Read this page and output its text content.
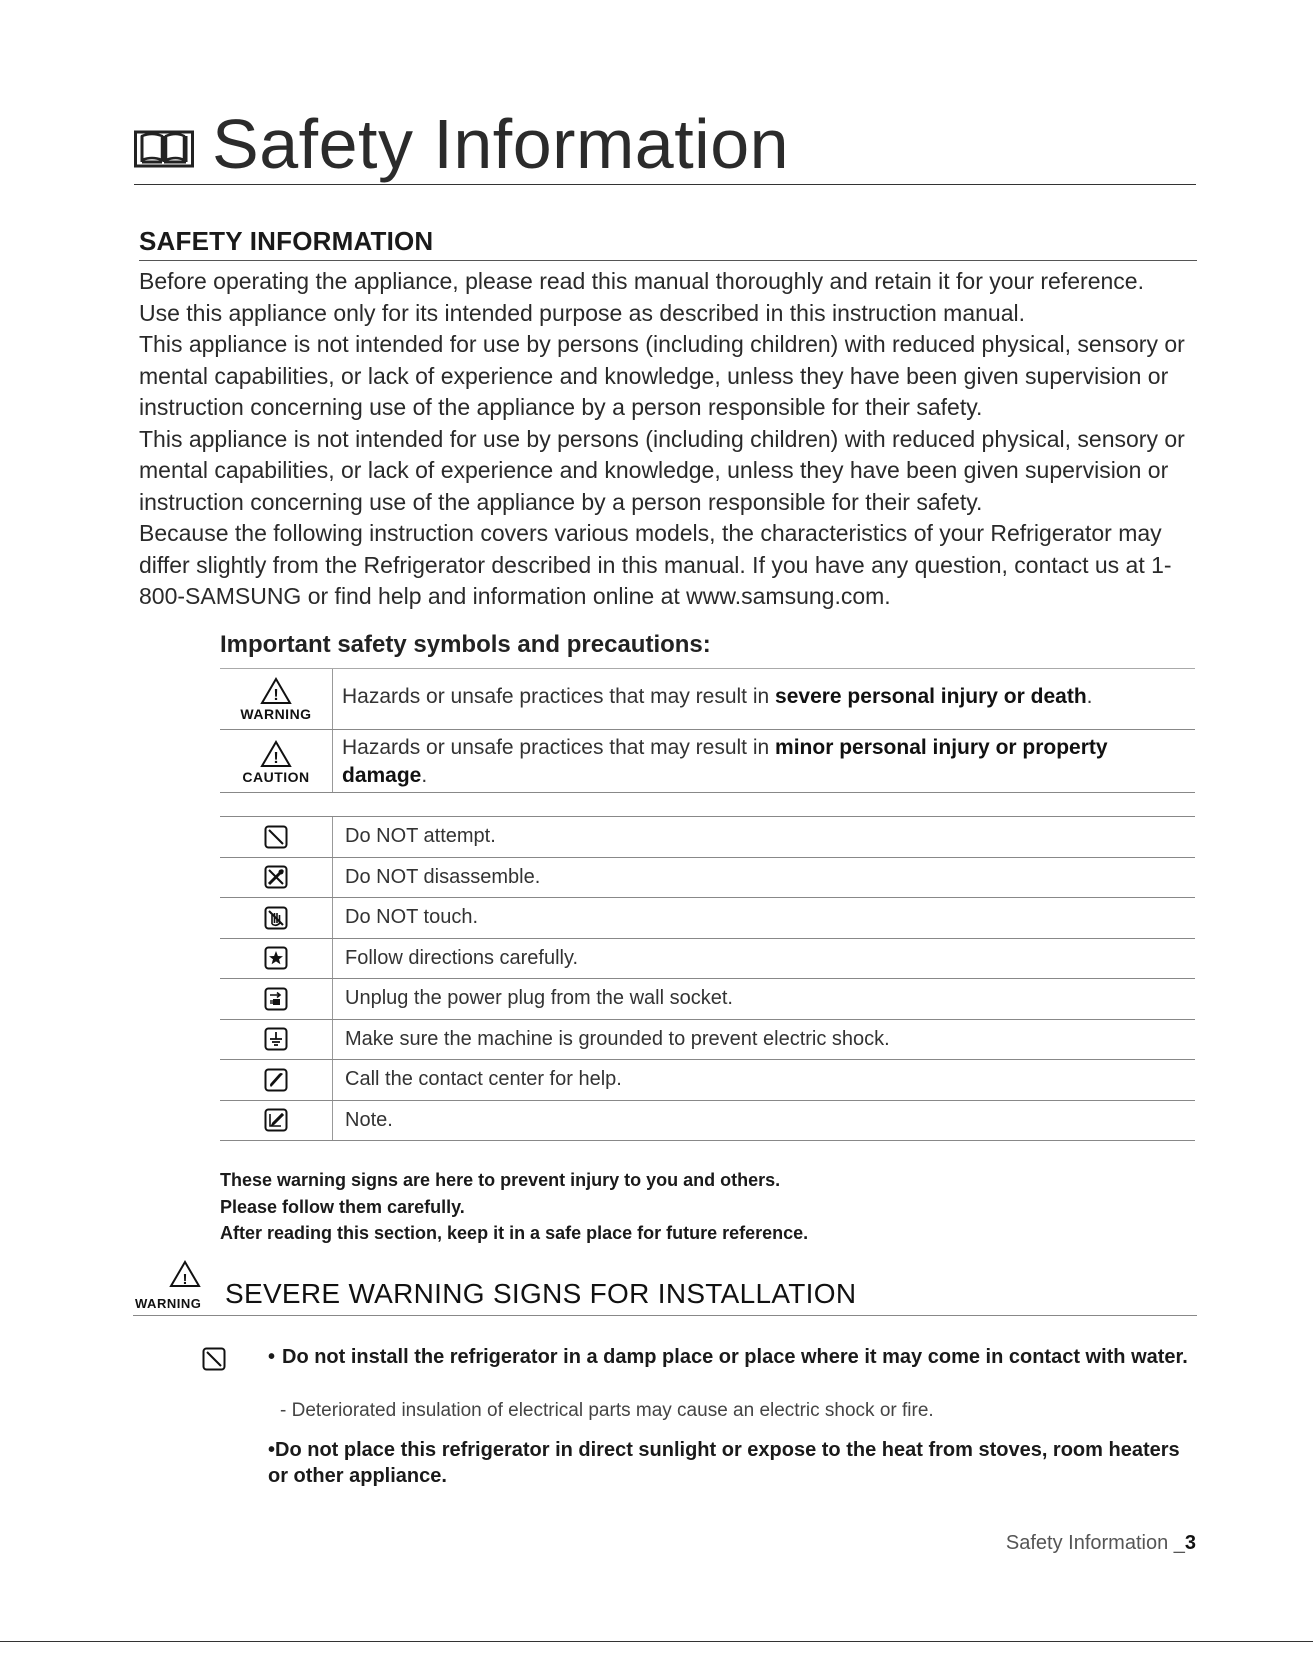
Safety Information
SAFETY INFORMATION

Before operating the appliance, please read this manual thoroughly and retain it for your reference.

Use this appliance only for its intended purpose as described in this instruction manual.

This appliance is not intended for use by persons (including children) with reduced physical, sensory or mental capabilities, or lack of experience and knowledge, unless they have been given supervision or instruction concerning use of the appliance by a person responsible for their safety.

This appliance is not intended for use by persons (including children) with reduced physical, sensory or mental capabilities, or lack of experience and knowledge, unless they have been given supervision or instruction concerning use of the appliance by a person responsible for their safety.

Because the following instruction covers various models, the characteristics of your Refrigerator may differ slightly from the Refrigerator described in this manual. If you have any question, contact us at 1-800-SAMSUNG or find help and information online at www.samsung.com.

Important safety symbols and precautions:
!
WARNING
Hazards or unsafe practices that may result in severe personal injury or death.
!
CAUTION
Hazards or unsafe practices that may result in minor personal injury or property damage.
Do NOT attempt.
Do NOT disassemble.
Do NOT touch.
Follow directions carefully.
Unplug the power plug from the wall socket.
Make sure the machine is grounded to prevent electric shock.
Call the contact center for help.
Note.
These warning signs are here to prevent injury to you and others.
Please follow them carefully.
After reading this section, keep it in a safe place for future reference.
!
WARNING SEVERE WARNING SIGNS FOR INSTALLATION
• Do not install the refrigerator in a damp place or place where it may come in contact with water.
- Deteriorated insulation of electrical parts may cause an electric shock or fire.
•Do not place this refrigerator in direct sunlight or expose to the heat from stoves, room heaters or other appliance.
Safety Information _3
